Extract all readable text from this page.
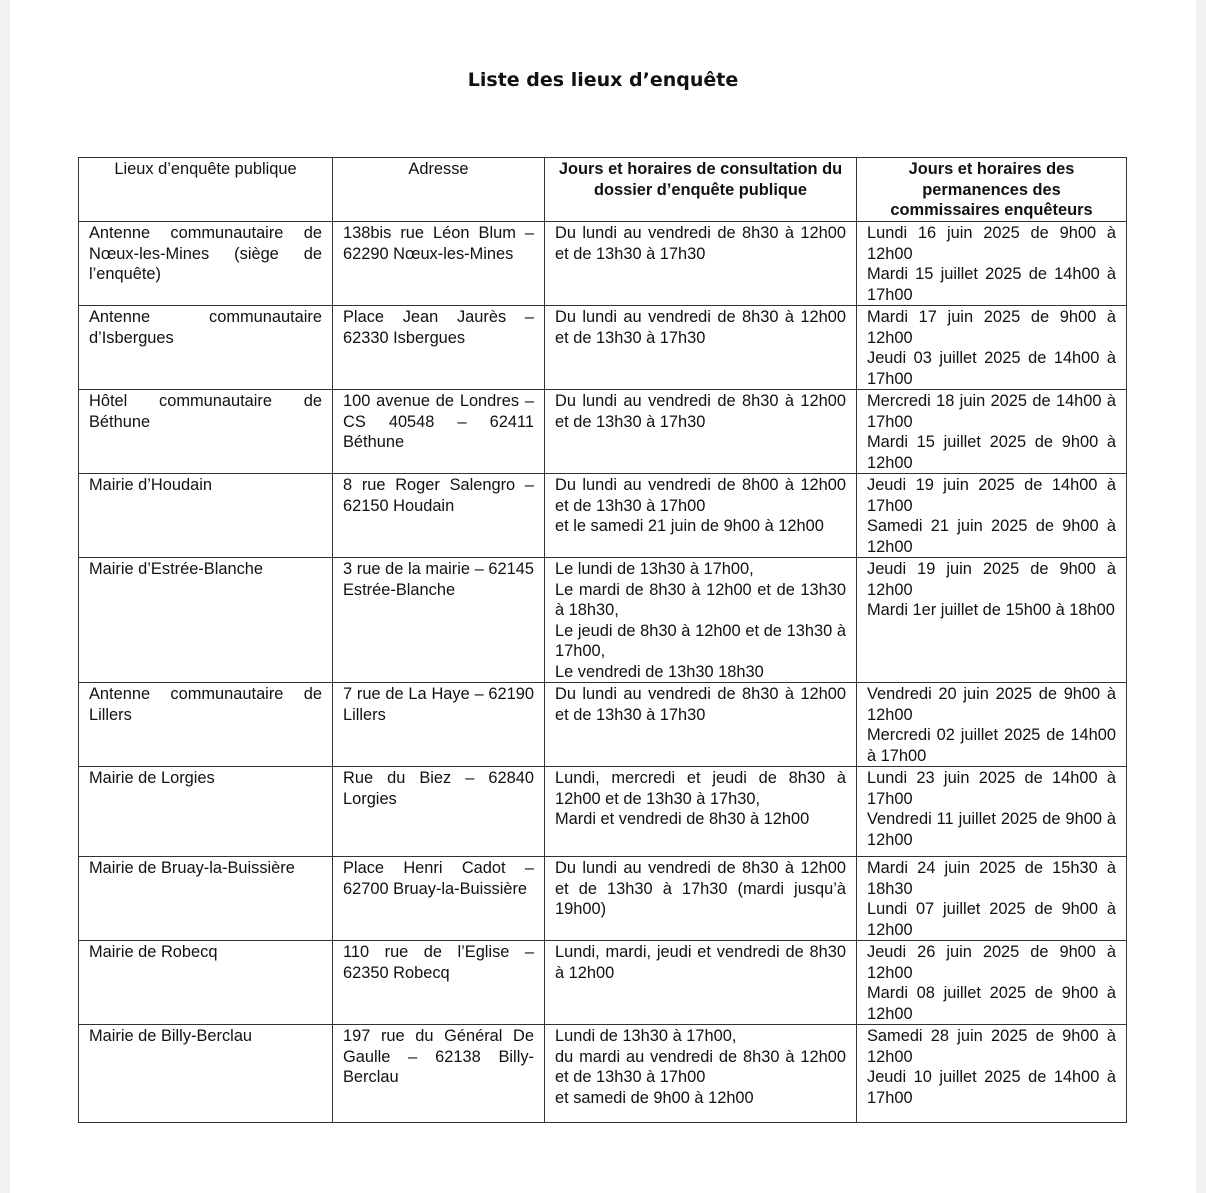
Liste des lieux d’enquête
Lieux d’enquête publique	Adresse	Jours et horaires de consultation du dossier d’enquête publique	Jours et horaires des permanences des commissaires enquêteurs
Antenne communautaire de Nœux-les-Mines (siège de l’enquête)	138bis rue Léon Blum – 62290 Nœux-les-Mines	Du lundi au vendredi de 8h30 à 12h00 et de 13h30 à 17h30	Lundi 16 juin 2025 de 9h00 à 12h00
Mardi 15 juillet 2025 de 14h00 à 17h00

Antenne communautaire d’Isbergues	Place Jean Jaurès – 62330 Isbergues	Du lundi au vendredi de 8h30 à 12h00 et de 13h30 à 17h30	Mardi 17 juin 2025 de 9h00 à 12h00
Jeudi 03 juillet 2025 de 14h00 à 17h00

Hôtel communautaire de Béthune	100 avenue de Londres – CS 40548 – 62411 Béthune	Du lundi au vendredi de 8h30 à 12h00 et de 13h30 à 17h30	Mercredi 18 juin 2025 de 14h00 à 17h00
Mardi 15 juillet 2025 de 9h00 à 12h00

Mairie d’Houdain	8 rue Roger Salengro – 62150 Houdain	Du lundi au vendredi de 8h00 à 12h00 et de 13h30 à 17h00
et le samedi 21 juin de 9h00 à 12h00	Jeudi 19 juin 2025 de 14h00 à 17h00
Samedi 21 juin 2025 de 9h00 à 12h00

Mairie d’Estrée-Blanche	3 rue de la mairie – 62145 Estrée-Blanche	Le lundi de 13h30 à 17h00,
Le mardi de 8h30 à 12h00 et de 13h30 à 18h30,
Le jeudi de 8h30 à 12h00 et de 13h30 à 17h00,
Le vendredi de 13h30 18h30	Jeudi 19 juin 2025 de 9h00 à 12h00
Mardi 1er juillet de 15h00 à 18h00

Antenne communautaire de Lillers	7 rue de La Haye – 62190 Lillers	Du lundi au vendredi de 8h30 à 12h00 et de 13h30 à 17h30	Vendredi 20 juin 2025 de 9h00 à 12h00
Mercredi 02 juillet 2025 de 14h00 à 17h00

Mairie de Lorgies	Rue du Biez – 62840 Lorgies	Lundi, mercredi et jeudi de 8h30 à 12h00 et de 13h30 à 17h30,
Mardi et vendredi de 8h30 à 12h00	Lundi 23 juin 2025 de 14h00 à 17h00
Vendredi 11 juillet 2025 de 9h00 à 12h00

Mairie de Bruay-la-Buissière	Place Henri Cadot – 62700 Bruay-la-Buissière	Du lundi au vendredi de 8h30 à 12h00 et de 13h30 à 17h30 (mardi jusqu’à 19h00)	Mardi 24 juin 2025 de 15h30 à 18h30
Lundi 07 juillet 2025 de 9h00 à 12h00

Mairie de Robecq	110 rue de l’Eglise – 62350 Robecq	Lundi, mardi, jeudi et vendredi de 8h30 à 12h00	Jeudi 26 juin 2025 de 9h00 à 12h00
Mardi 08 juillet 2025 de 9h00 à 12h00

Mairie de Billy-Berclau	197 rue du Général De Gaulle – 62138 Billy-Berclau	Lundi de 13h30 à 17h00,
du mardi au vendredi de 8h30 à 12h00 et de 13h30 à 17h00
et samedi de 9h00 à 12h00	Samedi 28 juin 2025 de 9h00 à 12h00
Jeudi 10 juillet 2025 de 14h00 à 17h00
